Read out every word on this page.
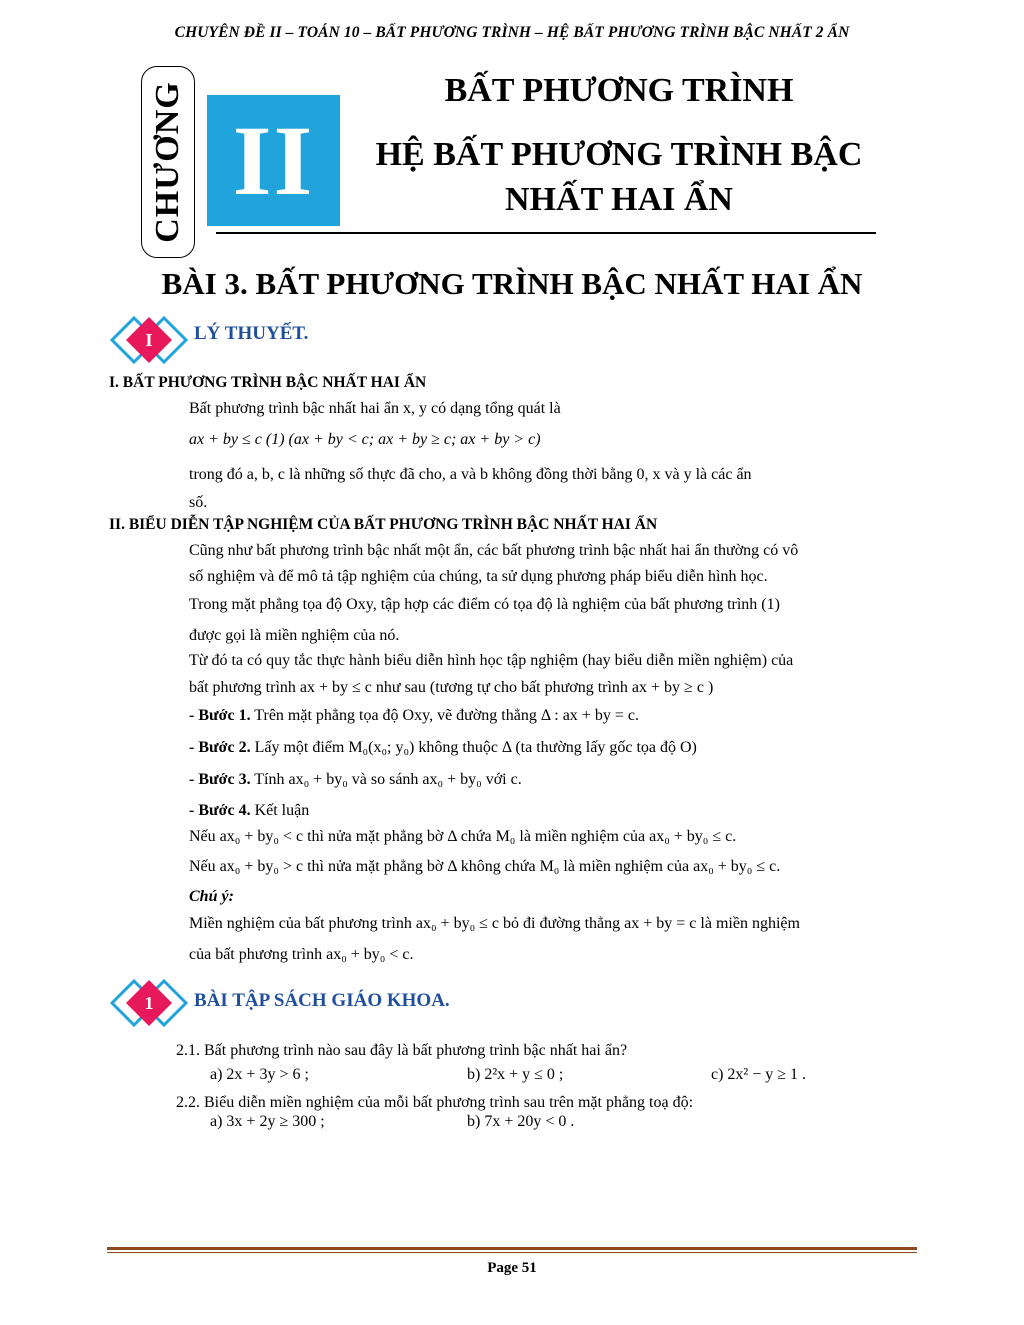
CHUYÊN ĐỀ II – TOÁN 10 – BẤT PHƯƠNG TRÌNH – HỆ BẤT PHƯƠNG TRÌNH BẬC NHẤT 2 ẨN
CHƯƠNG II
BẤT PHƯƠNG TRÌNH
HỆ BẤT PHƯƠNG TRÌNH BẬC
NHẤT HAI ẨN
BÀI 3. BẤT PHƯƠNG TRÌNH BẬC NHẤT HAI ẨN
I LÝ THUYẾT.
I. BẤT PHƯƠNG TRÌNH BẬC NHẤT HAI ẨN
Bất phương trình bậc nhất hai ẩn x, y có dạng tổng quát là
ax + by ≤ c (1) (ax + by < c; ax + by ≥ c; ax + by > c)
trong đó a, b, c là những số thực đã cho, a và b không đồng thời bằng 0, x và y là các ẩn
số.
II. BIỂU DIỄN TẬP NGHIỆM CỦA BẤT PHƯƠNG TRÌNH BẬC NHẤT HAI ẨN
Cũng như bất phương trình bậc nhất một ẩn, các bất phương trình bậc nhất hai ẩn thường có vô
số nghiệm và để mô tả tập nghiệm của chúng, ta sử dụng phương pháp biểu diễn hình học.
Trong mặt phẳng tọa độ Oxy, tập hợp các điểm có tọa độ là nghiệm của bất phương trình (1)
được gọi là miền nghiệm của nó.
Từ đó ta có quy tắc thực hành biểu diễn hình học tập nghiệm (hay biểu diễn miền nghiệm) của
bất phương trình ax + by ≤ c như sau (tương tự cho bất phương trình ax + by ≥ c )
- Bước 1. Trên mặt phẳng tọa độ Oxy, vẽ đường thẳng Δ : ax + by = c.
- Bước 2. Lấy một điểm M₀(x₀; y₀) không thuộc Δ (ta thường lấy gốc tọa độ O)
- Bước 3. Tính ax₀ + by₀ và so sánh ax₀ + by₀ với c.
- Bước 4. Kết luận
Nếu ax₀ + by₀ < c thì nửa mặt phẳng bờ Δ chứa M₀ là miền nghiệm của ax₀ + by₀ ≤ c.
Nếu ax₀ + by₀ > c thì nửa mặt phẳng bờ Δ không chứa M₀ là miền nghiệm của ax₀ + by₀ ≤ c.
Chú ý:
Miền nghiệm của bất phương trình ax₀ + by₀ ≤ c bỏ đi đường thẳng ax + by = c là miền nghiệm
của bất phương trình ax₀ + by₀ < c.
1 BÀI TẬP SÁCH GIÁO KHOA.
2.1. Bất phương trình nào sau đây là bất phương trình bậc nhất hai ẩn?
a) 2x + 3y > 6 ;	b) 2²x + y ≤ 0 ;	c) 2x² − y ≥ 1 .
2.2. Biểu diễn miền nghiệm của mỗi bất phương trình sau trên mặt phẳng toạ độ:
a) 3x + 2y ≥ 300 ;	b) 7x + 20y < 0 .
Page 51
